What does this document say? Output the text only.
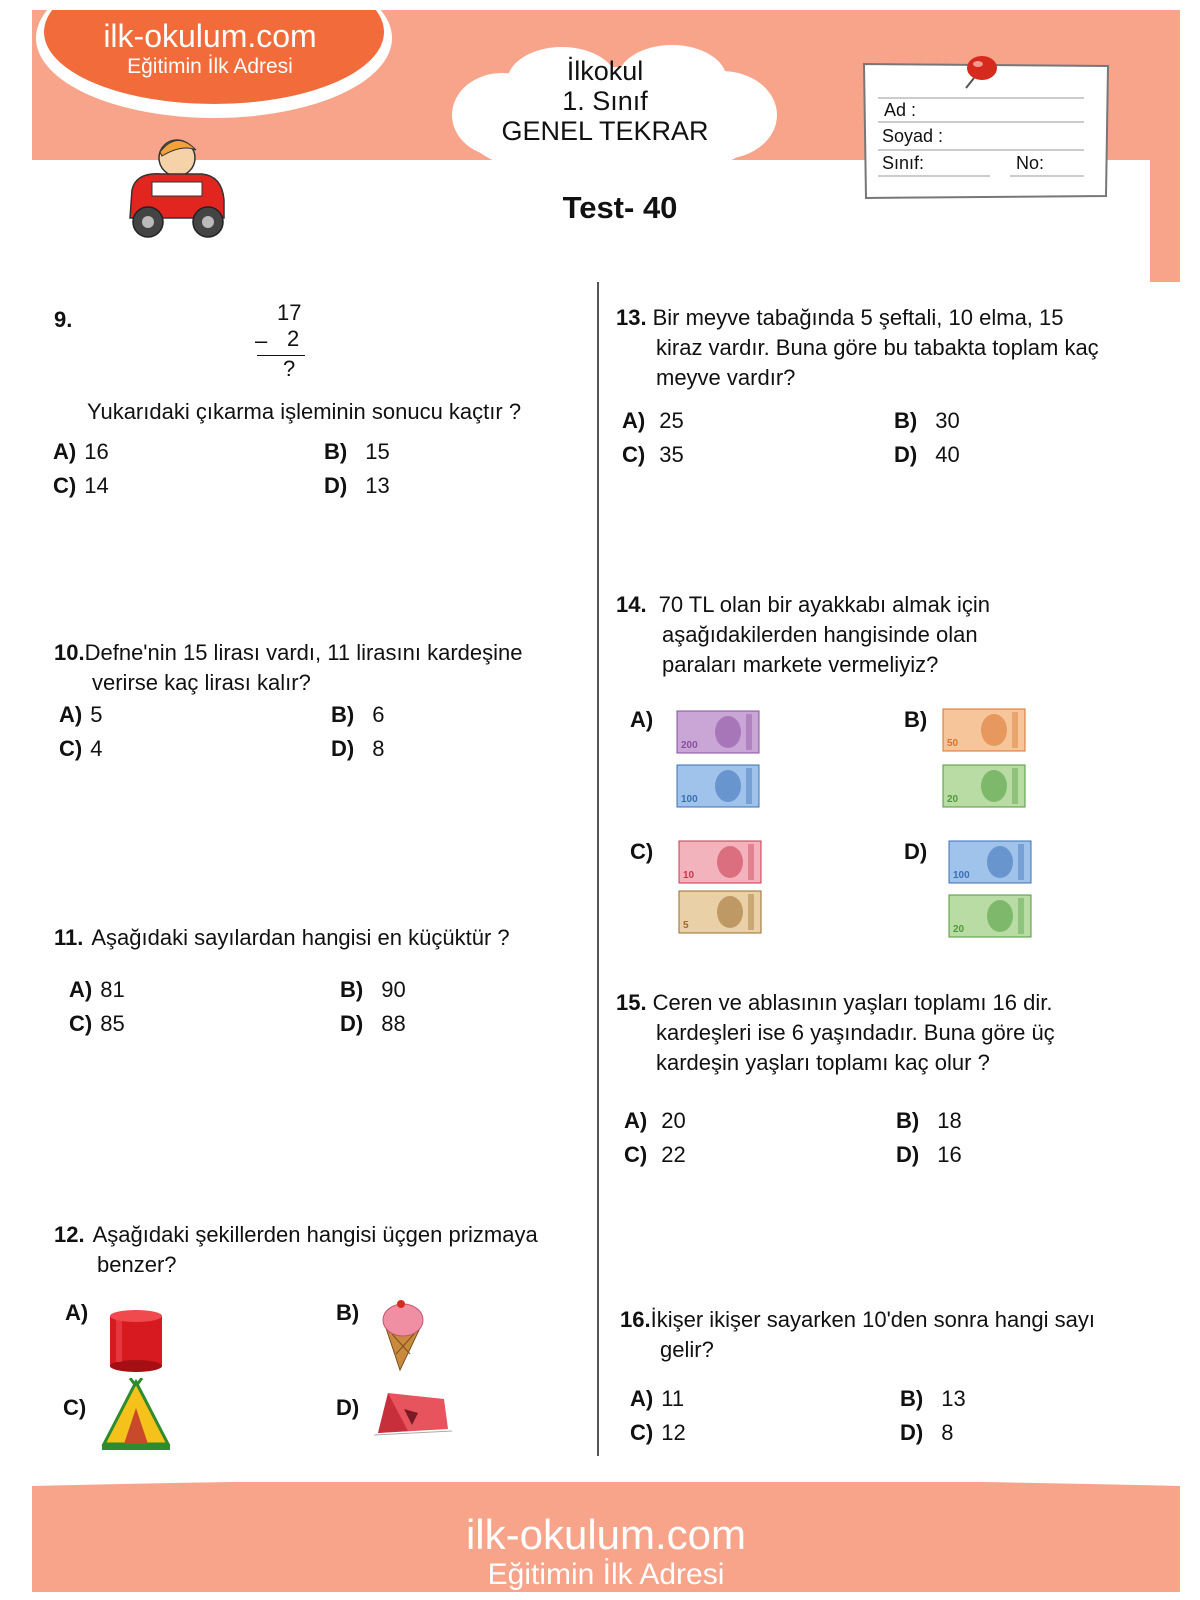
ilk-okulum.com
Eğitimin İlk Adresi	İlkokul
1. Sınıf
GENEL TEKRAR
Test- 40
Ad :
Soyad :
Sınıf:	No:
9.	17
– 2
?
Yukarıdaki çıkarma işleminin sonucu kaçtır ?
A) 16	B) 15
C) 14	D) 13
10.Defne'nin 15 lirası vardı, 11 lirasını kardeşine
verirse kaç lirası kalır?
A) 5	B) 6
C) 4	D) 8
11. Aşağıdaki sayılardan hangisi en küçüktür ?
A) 81	B) 90
C) 85	D) 88
12. Aşağıdaki şekillerden hangisi üçgen prizmaya
benzer?
A)	B)
C)	D)
13. Bir meyve tabağında 5 şeftali, 10 elma, 15
kiraz vardır. Buna göre bu tabakta toplam kaç
meyve vardır?
A) 25	B) 30
C) 35	D) 40
14. 70 TL olan bir ayakkabı almak için
aşağıdakilerden hangisinde olan
paraları markete vermeliyiz?
A)
200
100
B)
50
20
C)
10
5
D)
100
20
15. Ceren ve ablasının yaşları toplamı 16 dir.
kardeşleri ise 6 yaşındadır. Buna göre üç
kardeşin yaşları toplamı kaç olur ?
A) 20	B) 18
C) 22	D) 16
16.İkişer ikişer sayarken 10'den sonra hangi sayı
gelir?
A) 11	B) 13
C) 12	D) 8
ilk-okulum.com
Eğitimin İlk Adresi
